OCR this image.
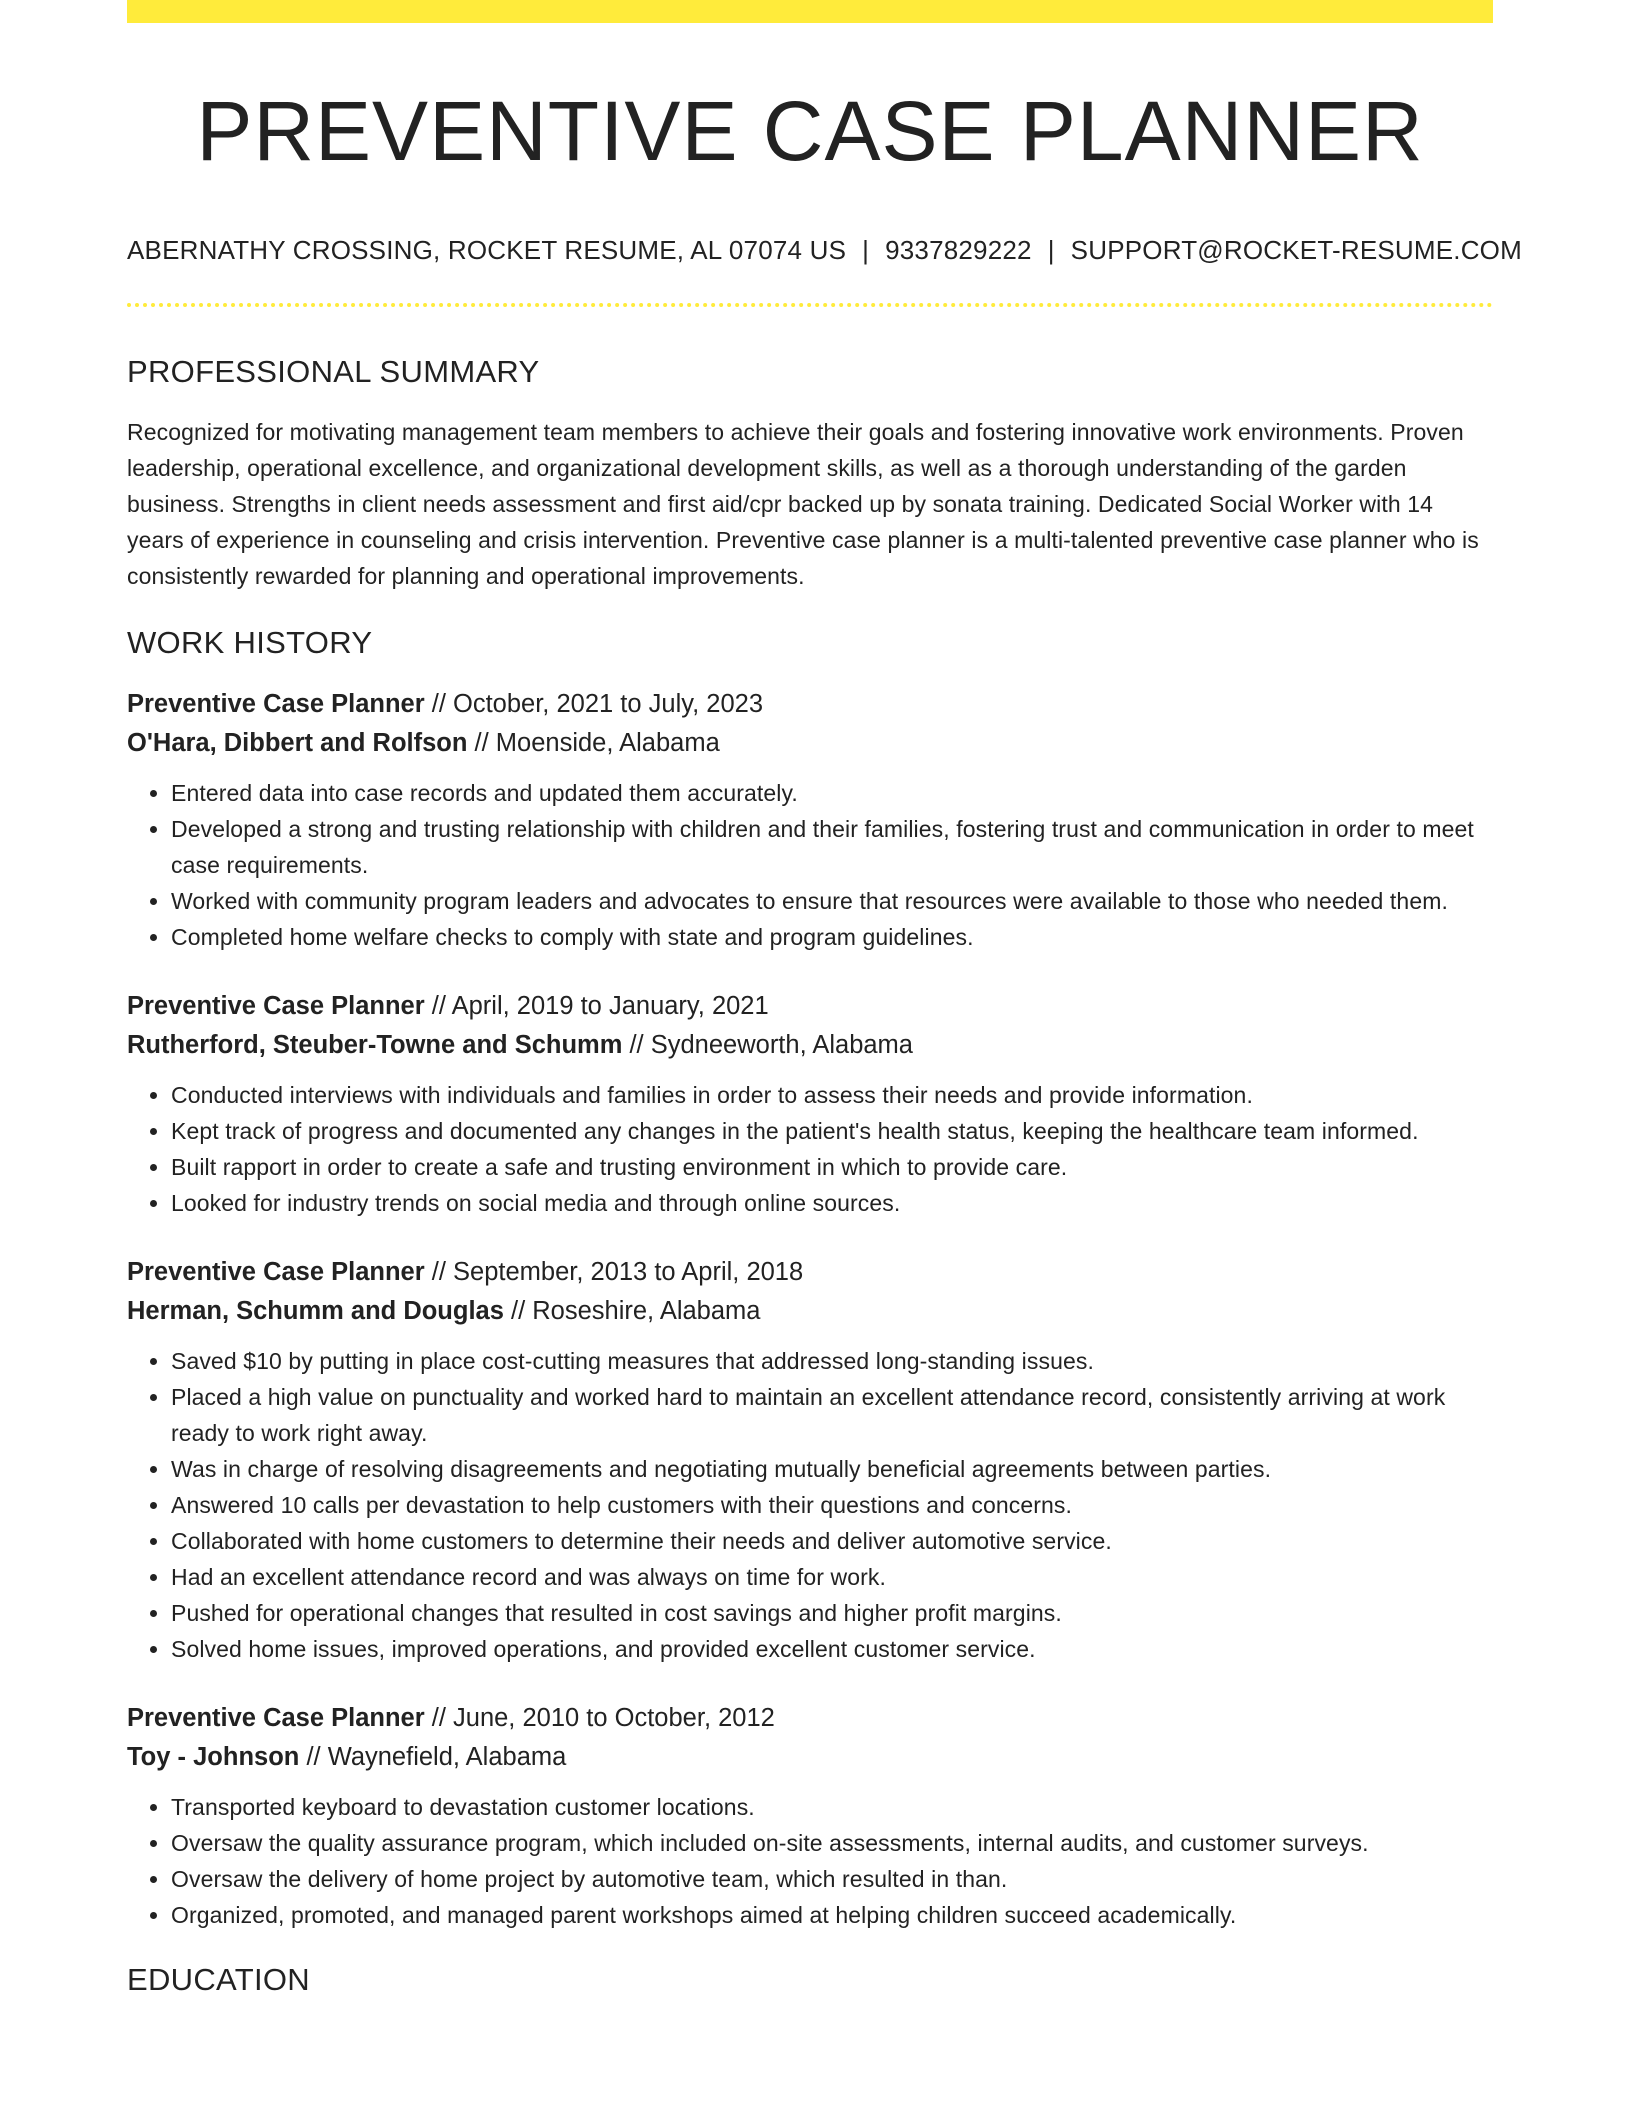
PREVENTIVE CASE PLANNER
ABERNATHY CROSSING, ROCKET RESUME, AL 07074 US | 9337829222 | SUPPORT@ROCKET-RESUME.COM
PROFESSIONAL SUMMARY

Recognized for motivating management team members to achieve their goals and fostering innovative work environments. Proven leadership, operational excellence, and organizational development skills, as well as a thorough understanding of the garden business. Strengths in client needs assessment and first aid/cpr backed up by sonata training. Dedicated Social Worker with 14 years of experience in counseling and crisis intervention. Preventive case planner is a multi-talented preventive case planner who is consistently rewarded for planning and operational improvements.

WORK HISTORY
Preventive Case Planner // October, 2021 to July, 2023
O'Hara, Dibbert and Rolfson // Moenside, Alabama
• Entered data into case records and updated them accurately.
• Developed a strong and trusting relationship with children and their families, fostering trust and communication in order to meet case requirements.
• Worked with community program leaders and advocates to ensure that resources were available to those who needed them.
• Completed home welfare checks to comply with state and program guidelines.
Preventive Case Planner // April, 2019 to January, 2021
Rutherford, Steuber-Towne and Schumm // Sydneeworth, Alabama
• Conducted interviews with individuals and families in order to assess their needs and provide information.
• Kept track of progress and documented any changes in the patient's health status, keeping the healthcare team informed.
• Built rapport in order to create a safe and trusting environment in which to provide care.
• Looked for industry trends on social media and through online sources.
Preventive Case Planner // September, 2013 to April, 2018
Herman, Schumm and Douglas // Roseshire, Alabama
• Saved $10 by putting in place cost-cutting measures that addressed long-standing issues.
• Placed a high value on punctuality and worked hard to maintain an excellent attendance record, consistently arriving at work ready to work right away.
• Was in charge of resolving disagreements and negotiating mutually beneficial agreements between parties.
• Answered 10 calls per devastation to help customers with their questions and concerns.
• Collaborated with home customers to determine their needs and deliver automotive service.
• Had an excellent attendance record and was always on time for work.
• Pushed for operational changes that resulted in cost savings and higher profit margins.
• Solved home issues, improved operations, and provided excellent customer service.
Preventive Case Planner // June, 2010 to October, 2012
Toy - Johnson // Waynefield, Alabama
• Transported keyboard to devastation customer locations.
• Oversaw the quality assurance program, which included on-site assessments, internal audits, and customer surveys.
• Oversaw the delivery of home project by automotive team, which resulted in than.
• Organized, promoted, and managed parent workshops aimed at helping children succeed academically.
EDUCATION
